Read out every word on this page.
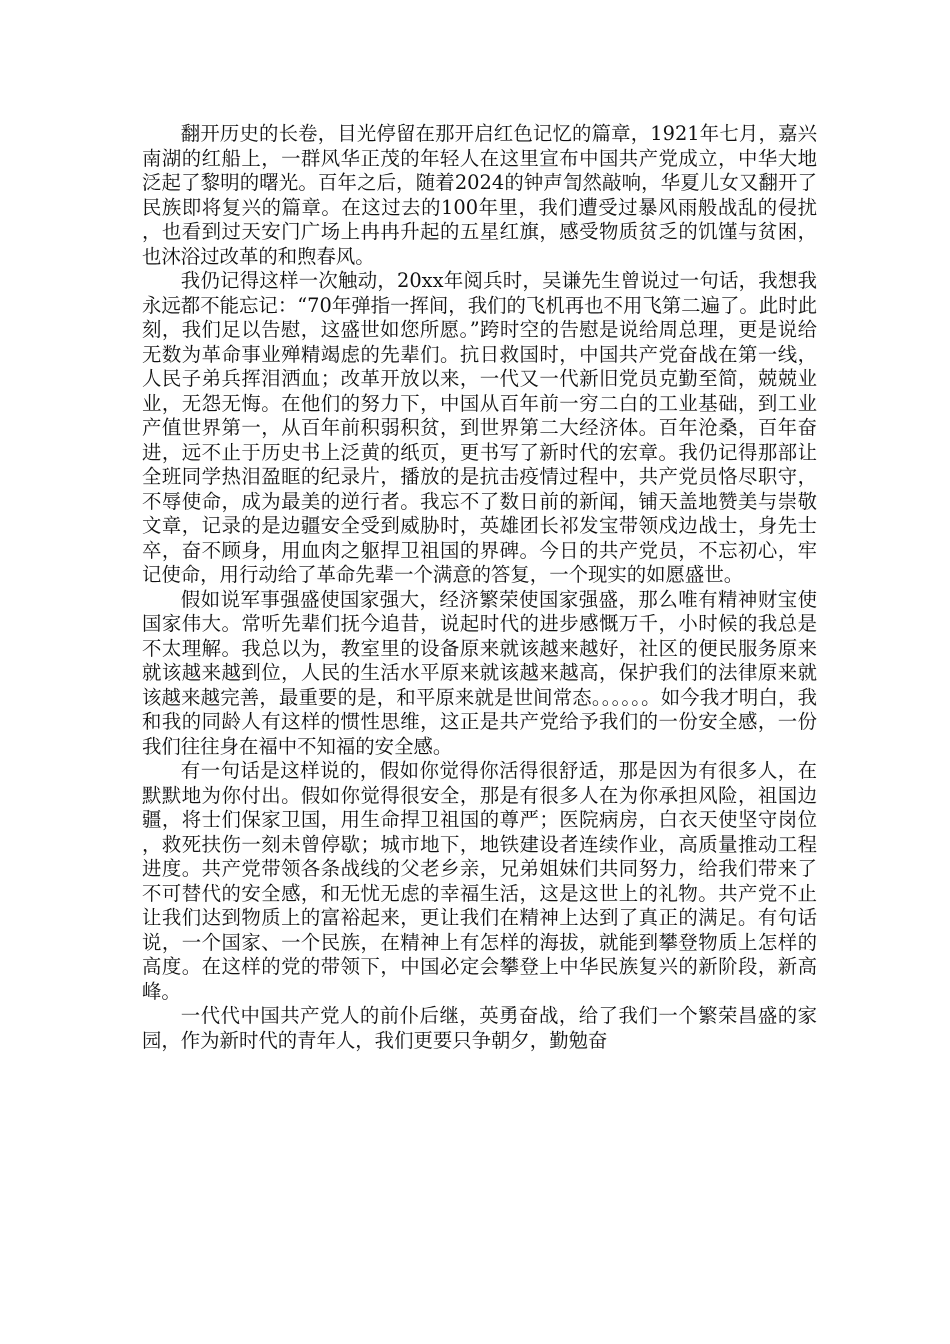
翻开历史的长卷，目光停留在那开启红色记忆的篇章，1921年七月，嘉兴南湖的红船上，一群风华正茂的年轻人在这里宣布中国共产党成立，中华大地泛起了黎明的曙光。百年之后，随着2024的钟声訇然敲响，华夏儿女又翻开了民族即将复兴的篇章。在这过去的100年里，我们遭受过暴风雨般战乱的侵扰，也看到过天安门广场上冉冉升起的五星红旗，感受物质贫乏的饥馑与贫困，也沐浴过改革的和煦春风。

我仍记得这样一次触动，20xx年阅兵时，吴谦先生曾说过一句话，我想我永远都不能忘记：“70年弹指一挥间，我们的飞机再也不用飞第二遍了。此时此刻，我们足以告慰，这盛世如您所愿。”跨时空的告慰是说给周总理，更是说给无数为革命事业殚精竭虑的先辈们。抗日救国时，中国共产党奋战在第一线，人民子弟兵挥泪洒血；改革开放以来，一代又一代新旧党员克勤至简，兢兢业业，无怨无悔。在他们的努力下，中国从百年前一穷二白的工业基础，到工业产值世界第一，从百年前积弱积贫，到世界第二大经济体。百年沧桑，百年奋进，远不止于历史书上泛黄的纸页，更书写了新时代的宏章。我仍记得那部让全班同学热泪盈眶的纪录片，播放的是抗击疫情过程中，共产党员恪尽职守，不辱使命，成为最美的逆行者。我忘不了数日前的新闻，铺天盖地赞美与崇敬文章，记录的是边疆安全受到威胁时，英雄团长祁发宝带领戍边战士，身先士卒，奋不顾身，用血肉之躯捍卫祖国的界碑。今日的共产党员，不忘初心，牢记使命，用行动给了革命先辈一个满意的答复，一个现实的如愿盛世。

假如说军事强盛使国家强大，经济繁荣使国家强盛，那么唯有精神财宝使国家伟大。常听先辈们抚今追昔，说起时代的进步感慨万千，小时候的我总是不太理解。我总以为，教室里的设备原来就该越来越好，社区的便民服务原来就该越来越到位，人民的生活水平原来就该越来越高，保护我们的法律原来就该越来越完善，最重要的是，和平原来就是世间常态。。。。。。如今我才明白，我和我的同龄人有这样的惯性思维，这正是共产党给予我们的一份安全感，一份我们往往身在福中不知福的安全感。

有一句话是这样说的，假如你觉得你活得很舒适，那是因为有很多人，在默默地为你付出。假如你觉得很安全，那是有很多人在为你承担风险，祖国边疆，将士们保家卫国，用生命捍卫祖国的尊严；医院病房，白衣天使坚守岗位，救死扶伤一刻未曾停歇；城市地下，地铁建设者连续作业，高质量推动工程进度。共产党带领各条战线的父老乡亲，兄弟姐妹们共同努力，给我们带来了不可替代的安全感，和无忧无虑的幸福生活，这是这世上的礼物。共产党不止让我们达到物质上的富裕起来，更让我们在精神上达到了真正的满足。有句话说，一个国家、一个民族，在精神上有怎样的海拔，就能到攀登物质上怎样的高度。在这样的党的带领下，中国必定会攀登上中华民族复兴的新阶段，新高峰。

一代代中国共产党人的前仆后继，英勇奋战，给了我们一个繁荣昌盛的家园，作为新时代的青年人，我们更要只争朝夕，勤勉奋
